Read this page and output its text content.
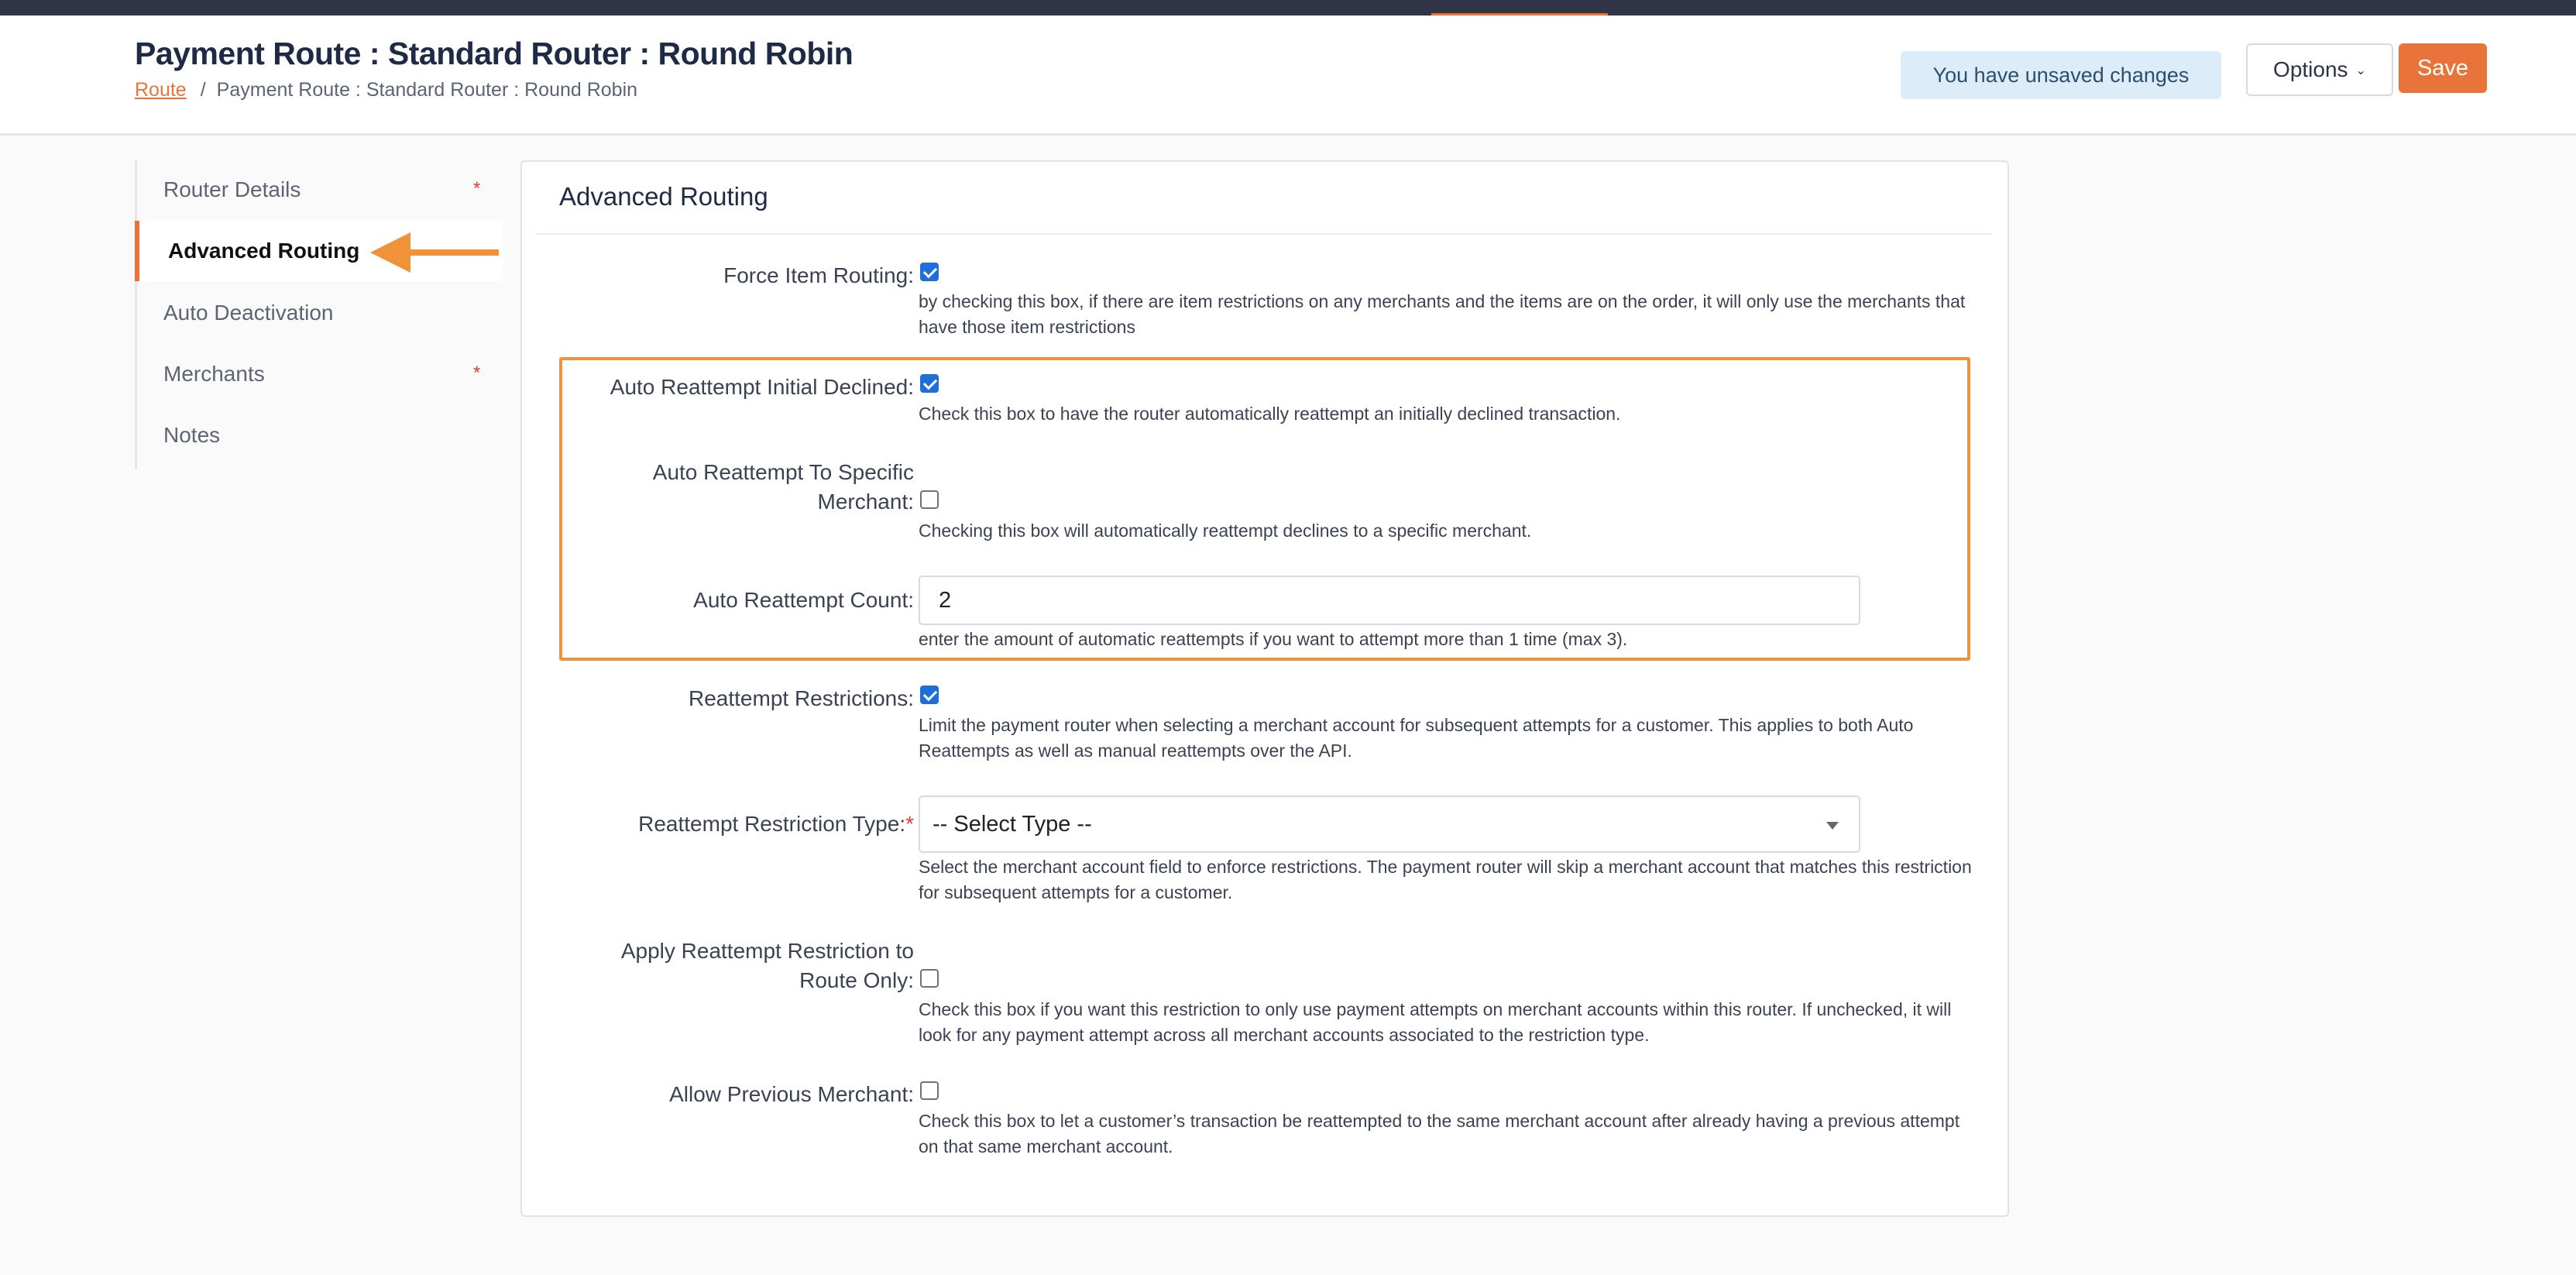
Payment Route : Standard Router : Round Robin
Route / Payment Route : Standard Router : Round Robin
You have unsaved changes	Options ⌄	Save
Router Details	*
Advanced Routing
Auto Deactivation
Merchants	*
Notes
Advanced Routing
Force Item Routing:
by checking this box, if there are item restrictions on any merchants and the items are on the order, it will only use the merchants that have those item restrictions
Auto Reattempt Initial Declined:
Check this box to have the router automatically reattempt an initially declined transaction.
Auto Reattempt To Specific
Merchant:
Checking this box will automatically reattempt declines to a specific merchant.
Auto Reattempt Count:	2
enter the amount of automatic reattempts if you want to attempt more than 1 time (max 3).
Reattempt Restrictions:
Limit the payment router when selecting a merchant account for subsequent attempts for a customer. This applies to both Auto Reattempts as well as manual reattempts over the API.
Reattempt Restriction Type:* -- Select Type --
Select the merchant account field to enforce restrictions. The payment router will skip a merchant account that matches this restriction for subsequent attempts for a customer.
Apply Reattempt Restriction to
Route Only:
Check this box if you want this restriction to only use payment attempts on merchant accounts within this router. If unchecked, it will look for any payment attempt across all merchant accounts associated to the restriction type.
Allow Previous Merchant:
Check this box to let a customer’s transaction be reattempted to the same merchant account after already having a previous attempt on that same merchant account.
